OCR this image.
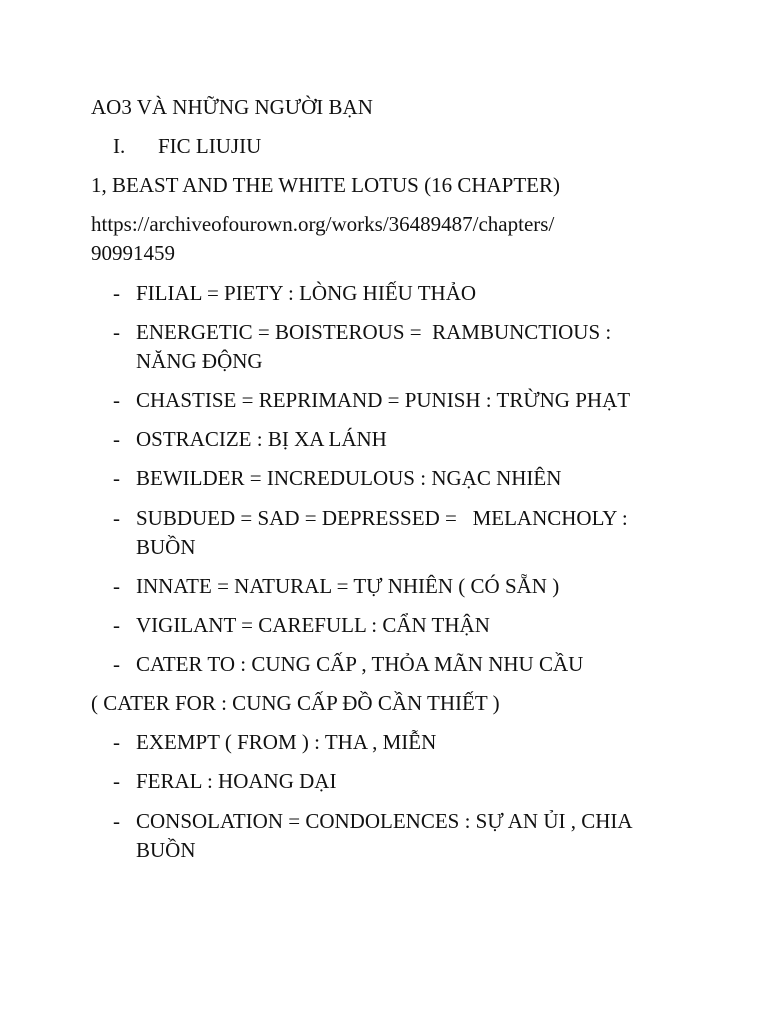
AO3 VÀ NHỮNG NGƯỜI BẠN
I. FIC LIUJIU
1, BEAST AND THE WHITE LOTUS (16 CHAPTER)
https://archiveofourown.org/works/36489487/chapters/
90991459
- FILIAL = PIETY : LÒNG HIẾU THẢO
- ENERGETIC = BOISTEROUS =  RAMBUNCTIOUS :
NĂNG ĐỘNG
- CHASTISE = REPRIMAND = PUNISH : TRỪNG PHẠT
- OSTRACIZE : BỊ XA LÁNH
- BEWILDER = INCREDULOUS : NGẠC NHIÊN
- SUBDUED = SAD = DEPRESSED =   MELANCHOLY :
BUỒN
- INNATE = NATURAL = TỰ NHIÊN ( CÓ SẴN )
- VIGILANT = CAREFULL : CẨN THẬN
- CATER TO : CUNG CẤP , THỎA MÃN NHU CẦU
( CATER FOR : CUNG CẤP ĐỒ CẦN THIẾT )
- EXEMPT ( FROM ) : THA , MIỄN
- FERAL : HOANG DẠI
- CONSOLATION = CONDOLENCES : SỰ AN ỦI , CHIA
BUỒN
